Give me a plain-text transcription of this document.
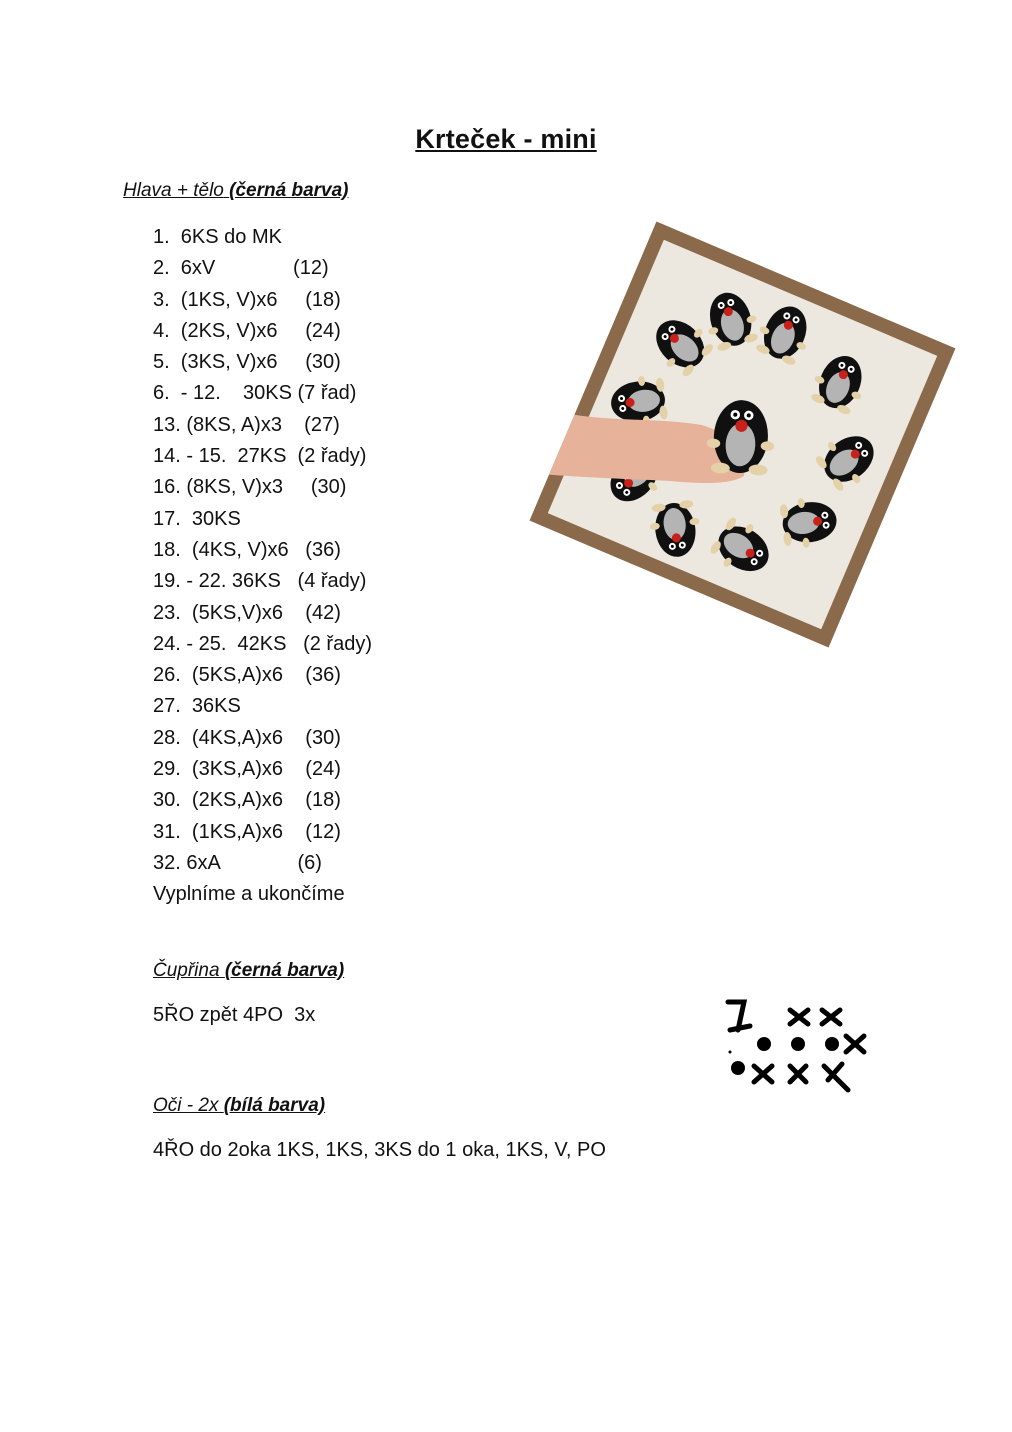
Krteček - mini
Hlava + tělo (černá barva)
1.  6KS do MK
2.  6xV              (12)
3.  (1KS, V)x6     (18)
4.  (2KS, V)x6     (24)
5.  (3KS, V)x6     (30)
6.  - 12.    30KS (7 řad)
13. (8KS, A)x3    (27)
14. - 15.  27KS  (2 řady)
16. (8KS, V)x3     (30)
17.  30KS
18.  (4KS, V)x6   (36)
19. - 22. 36KS   (4 řady)
23.  (5KS,V)x6    (42)
24. - 25.  42KS   (2 řady)
26.  (5KS,A)x6    (36)
27.  36KS
28.  (4KS,A)x6    (30)
29.  (3KS,A)x6    (24)
30.  (2KS,A)x6    (18)
31.  (1KS,A)x6    (12)
32. 6xA              (6)
Vyplníme a ukončíme
Čupřina (černá barva)
5ŘO zpět 4PO  3x
Oči - 2x (bílá barva)
4ŘO do 2oka 1KS, 1KS, 3KS do 1 oka, 1KS, V, PO
